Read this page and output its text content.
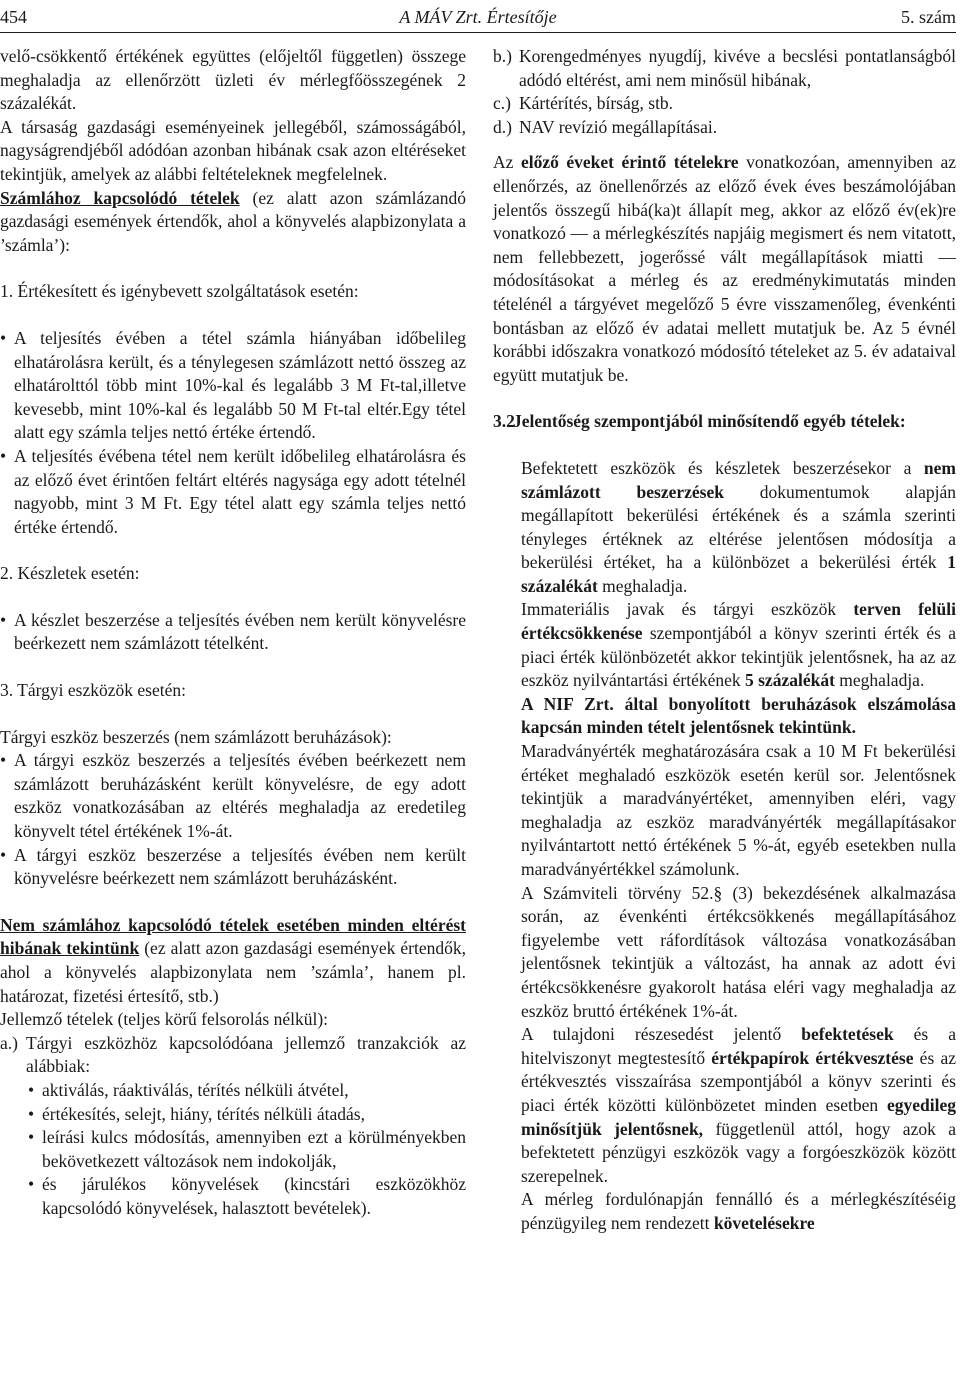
454	A MÁV Zrt. Értesítője	5. szám

velő-csökkentő értékének együttes (előjeltől független) összege meghaladja az ellenőrzött üzleti év mérlegfőösszegének 2 százalékát.

A társaság gazdasági eseményeinek jellegéből, számosságából, nagyságrendjéből adódóan azonban hibának csak azon eltéréseket tekintjük, amelyek az alábbi feltételeknek megfelelnek.

Számlához kapcsolódó tételek (ez alatt azon számlázandó gazdasági események értendők, ahol a könyvelés alapbizonylata a ’számla’):

1. Értékesített és igénybevett szolgáltatások esetén:

• A teljesítés évében a tétel számla hiányában időbelileg elhatárolásra került, és a ténylegesen számlázott nettó összeg az elhatárolttól több mint 10%-kal és legalább 3 M Ft-tal,illetve kevesebb, mint 10%-kal és legalább 50 M Ft-tal eltér.Egy tétel alatt egy számla teljes nettó értéke értendő.
• A teljesítés évébena tétel nem került időbelileg elhatárolásra és az előző évet érintően feltárt eltérés nagysága egy adott tételnél nagyobb, mint 3 M Ft. Egy tétel alatt egy számla teljes nettó értéke értendő.

2. Készletek esetén:

• A készlet beszerzése a teljesítés évében nem került könyvelésre beérkezett nem számlázott tételként.

3. Tárgyi eszközök esetén:

Tárgyi eszköz beszerzés (nem számlázott beruházások):

• A tárgyi eszköz beszerzés a teljesítés évében beérkezett nem számlázott beruházásként került könyvelésre, de egy adott eszköz vonatkozásában az eltérés meghaladja az eredetileg könyvelt tétel értékének 1%-át.
• A tárgyi eszköz beszerzése a teljesítés évében nem került könyvelésre beérkezett nem számlázott beruházásként.

Nem számlához kapcsolódó tételek esetében minden eltérést hibának tekintünk (ez alatt azon gazdasági események értendők, ahol a könyvelés alapbizonylata nem ’számla’, hanem pl. határozat, fizetési értesítő, stb.)

Jellemző tételek (teljes körű felsorolás nélkül):

a.) Tárgyi eszközhöz kapcsolódóana jellemző tranzakciók az alábbiak:
• aktiválás, ráaktiválás, térítés nélküli átvétel,
• értékesítés, selejt, hiány, térítés nélküli átadás,
• leírási kulcs módosítás, amennyiben ezt a körülményekben bekövetkezett változások nem indokolják,
• és járulékos könyvelések (kincstári eszközökhöz kapcsolódó könyvelések, halasztott bevételek).
b.) Korengedményes nyugdíj, kivéve a becslési pontatlanságból adódó eltérést, ami nem minősül hibának,
c.) Kártérítés, bírság, stb.
d.) NAV revízió megállapításai.

Az előző éveket érintő tételekre vonatkozóan, amennyiben az ellenőrzés, az önellenőrzés az előző évek éves beszámolójában jelentős összegű hibá(ka)t állapít meg, akkor az előző év(ek)re vonatkozó — a mérlegkészítés napjáig megismert és nem vitatott, nem fellebbezett, jogerőssé vált megállapítások miatti — módosításokat a mérleg és az eredménykimutatás minden tételénél a tárgyévet megelőző 5 évre visszamenőleg, évenkénti bontásban az előző év adatai mellett mutatjuk be. Az 5 évnél korábbi időszakra vonatkozó módosító tételeket az 5. év adataival együtt mutatjuk be.

3.2
Jelentőség szempontjából minősítendő egyéb tételek:

Befektetett eszközök és készletek beszerzésekor a nem számlázott beszerzések dokumentumok alapján megállapított bekerülési értékének és a számla szerinti tényleges értéknek az eltérése jelentősen módosítja a bekerülési értéket, ha a különbözet a bekerülési érték 1 százalékát meghaladja.

Immateriális javak és tárgyi eszközök terven felüli értékcsökkenése szempontjából a könyv szerinti érték és a piaci érték különbözetét akkor tekintjük jelentősnek, ha az az eszköz nyilvántartási értékének 5 százalékát meghaladja.

A NIF Zrt. által bonyolított beruházások elszámolása kapcsán minden tételt jelentősnek tekintünk.

Maradványérték meghatározására csak a 10 M Ft bekerülési értéket meghaladó eszközök esetén kerül sor. Jelentősnek tekintjük a maradványértéket, amennyiben eléri, vagy meghaladja az eszköz maradványérték megállapításakor nyilvántartott nettó értékének 5 %-át, egyéb esetekben nulla maradványértékkel számolunk.

A Számviteli törvény 52.§ (3) bekezdésének alkalmazása során, az évenkénti értékcsökkenés megállapításához figyelembe vett ráfordítások változása vonatkozásában jelentősnek tekintjük a változást, ha annak az adott évi értékcsökkenésre gyakorolt hatása eléri vagy meghaladja az eszköz bruttó értékének 1%-át.

A tulajdoni részesedést jelentő befektetések és a hitelviszonyt megtestesítő értékpapírok értékvesztése és az értékvesztés visszaírása szempontjából a könyv szerinti és piaci érték közötti különbözetet minden esetben egyedileg minősítjük jelentősnek, függetlenül attól, hogy azok a befektetett pénzügyi eszközök vagy a forgóeszközök között szerepelnek.

A mérleg fordulónapján fennálló és a mérlegkészítéséig pénzügyileg nem rendezett követelésekre
